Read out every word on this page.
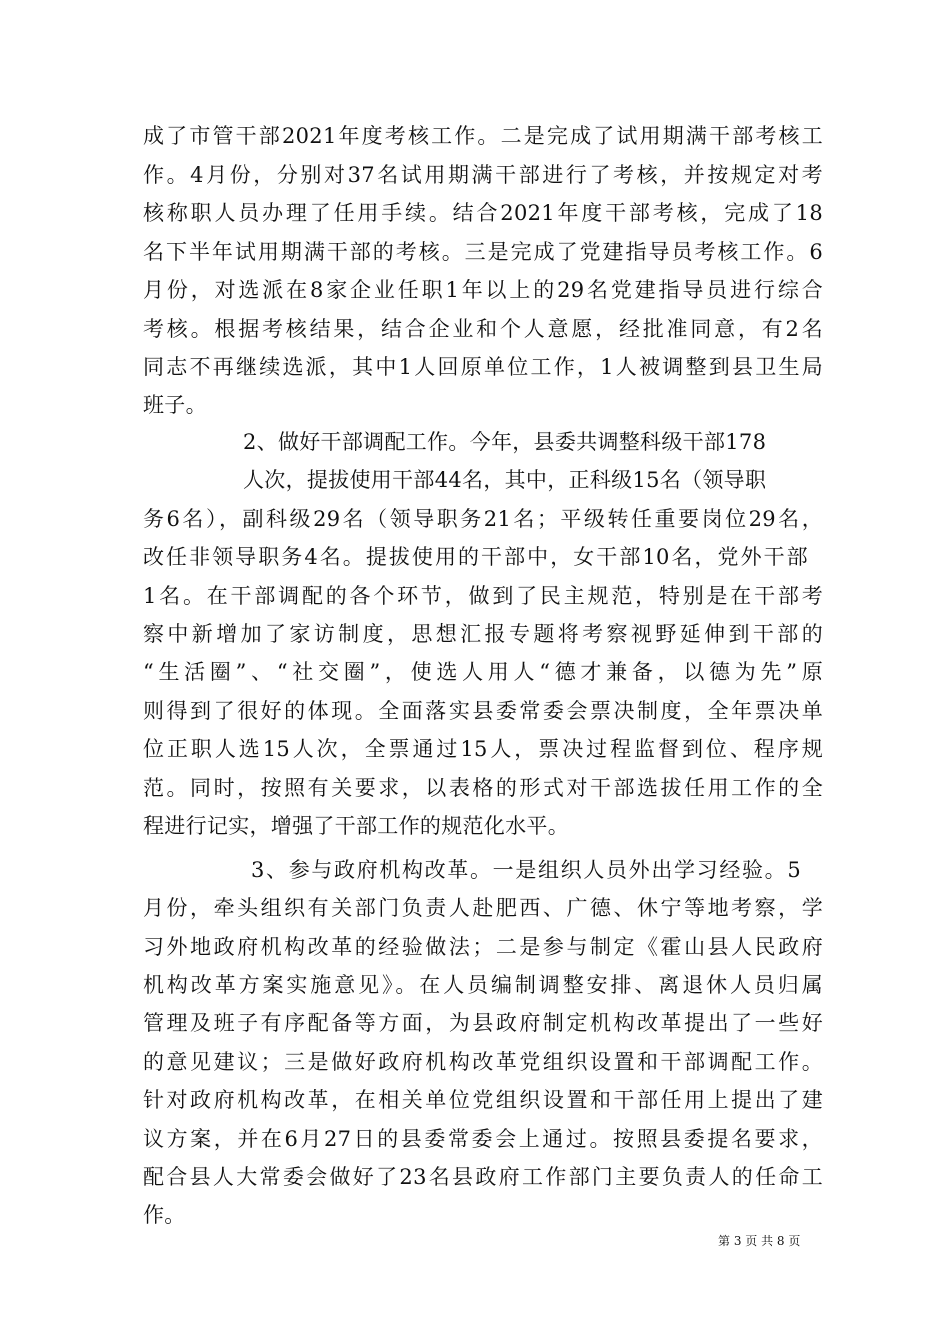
成了市管干部2021年度考核工作。二是完成了试用期满干部考核工
作。4月份，分别对37名试用期满干部进行了考核，并按规定对考
核称职人员办理了任用手续。结合2021年度干部考核，完成了18
名下半年试用期满干部的考核。三是完成了党建指导员考核工作。6
月份，对选派在8家企业任职1年以上的29名党建指导员进行综合
考核。根据考核结果，结合企业和个人意愿，经批准同意，有2名
同志不再继续选派，其中1人回原单位工作，1人被调整到县卫生局
班子。
2、做好干部调配工作。今年，县委共调整科级干部178
人次，提拔使用干部44名，其中，正科级15名（领导职
务6名），副科级29名（领导职务21名；平级转任重要岗位29名，
改任非领导职务4名。提拔使用的干部中，女干部10名，党外干部
1名。在干部调配的各个环节，做到了民主规范，特别是在干部考
察中新增加了家访制度，思想汇报专题将考察视野延伸到干部的
“生活圈”、“社交圈”，使选人用人“德才兼备，以德为先”原
则得到了很好的体现。全面落实县委常委会票决制度，全年票决单
位正职人选15人次，全票通过15人，票决过程监督到位、程序规
范。同时，按照有关要求，以表格的形式对干部选拔任用工作的全
程进行记实，增强了干部工作的规范化水平。
3、参与政府机构改革。一是组织人员外出学习经验。5
月份，牵头组织有关部门负责人赴肥西、广德、休宁等地考察，学
习外地政府机构改革的经验做法；二是参与制定《霍山县人民政府
机构改革方案实施意见》。在人员编制调整安排、离退休人员归属
管理及班子有序配备等方面，为县政府制定机构改革提出了一些好
的意见建议；三是做好政府机构改革党组织设置和干部调配工作。
针对政府机构改革，在相关单位党组织设置和干部任用上提出了建
议方案，并在6月27日的县委常委会上通过。按照县委提名要求，
配合县人大常委会做好了23名县政府工作部门主要负责人的任命工
作。
第 3 页 共 8 页
